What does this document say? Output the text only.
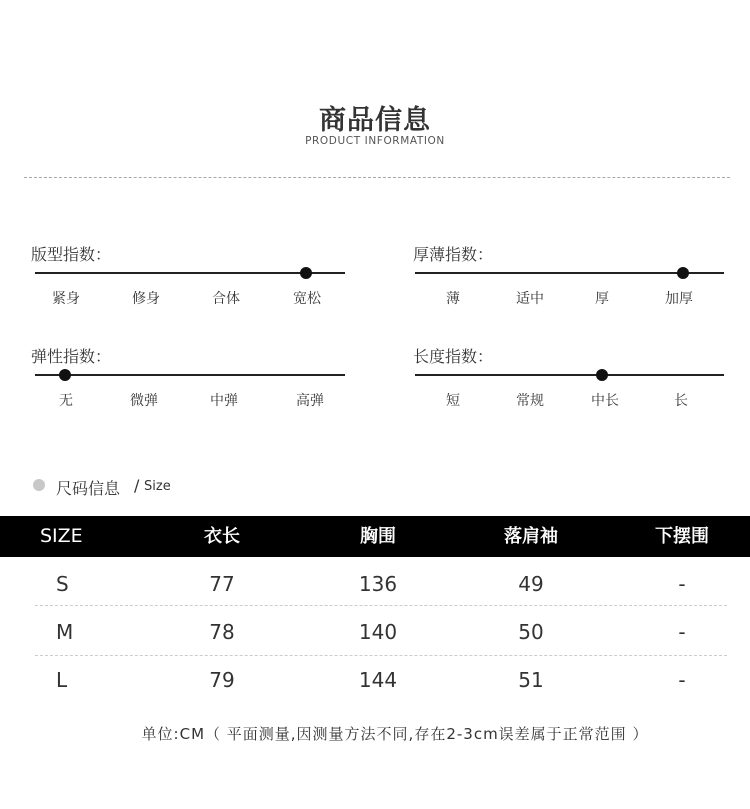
商品信息
PRODUCT INFORMATION
版型指数：
紧身	修身	合体	宽松
厚薄指数：
薄	适中	厚	加厚
弹性指数：
无	微弹	中弹	高弹
长度指数：
短	常规	中长	长
尺码信息 / Size
SIZE	衣长	胸围	落肩袖	下摆围
S	77	136	49	-
M	78	140	50	-
L	79	144	51	-
单位:CM（ 平面测量,因测量方法不同,存在2-3cm误差属于正常范围 ）
